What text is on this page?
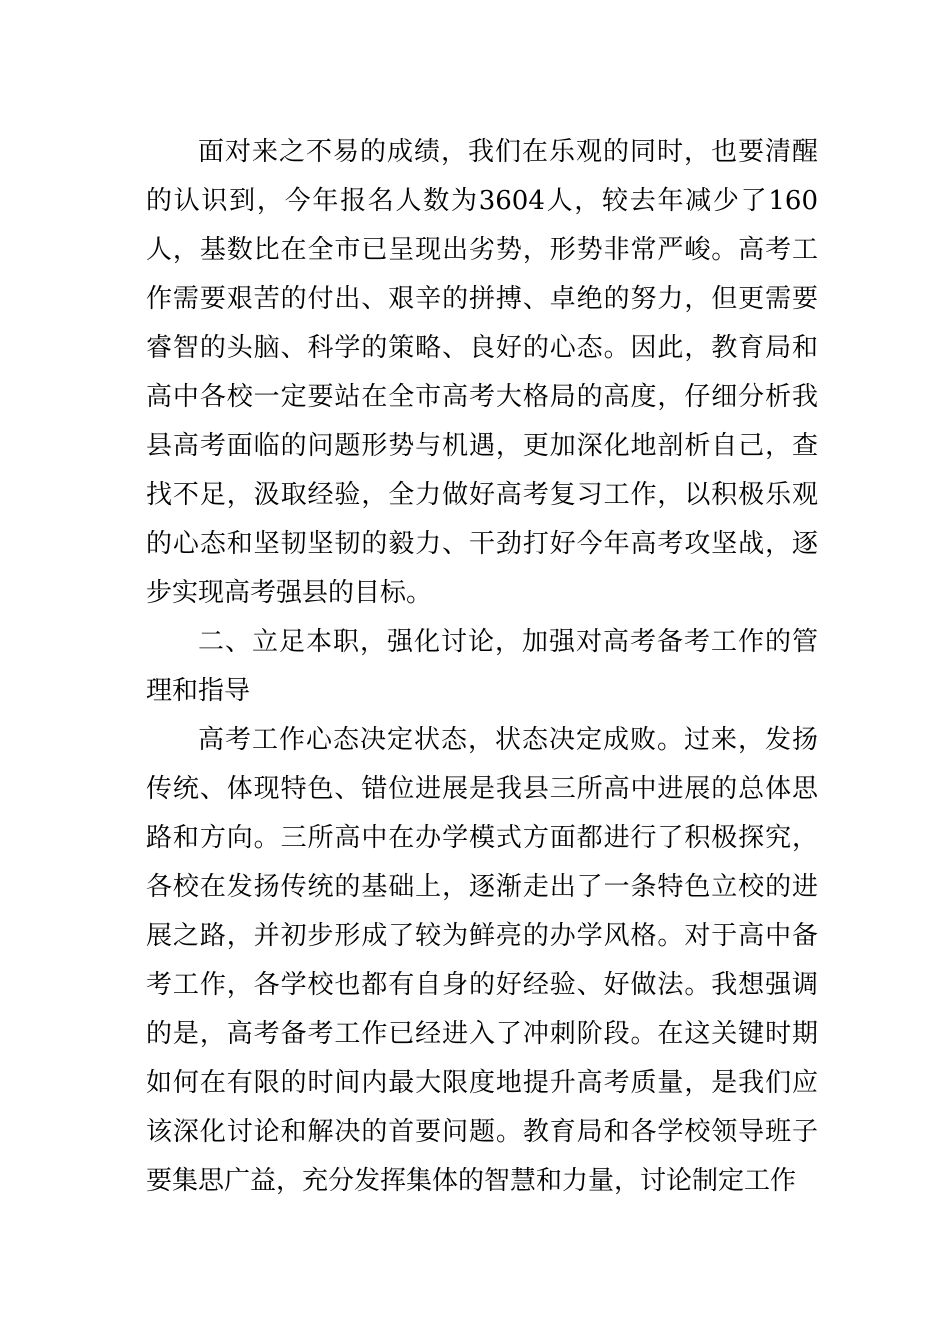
面对来之不易的成绩，我们在乐观的同时，也要清醒的认识到，今年报名人数为3604人，较去年减少了160人，基数比在全市已呈现出劣势，形势非常严峻。高考工作需要艰苦的付出、艰辛的拼搏、卓绝的努力，但更需要睿智的头脑、科学的策略、良好的心态。因此，教育局和高中各校一定要站在全市高考大格局的高度，仔细分析我县高考面临的问题形势与机遇，更加深化地剖析自己，查找不足，汲取经验，全力做好高考复习工作，以积极乐观的心态和坚韧坚韧的毅力、干劲打好今年高考攻坚战，逐步实现高考强县的目标。

二、立足本职，强化讨论，加强对高考备考工作的管理和指导

高考工作心态决定状态，状态决定成败。过来，发扬传统、体现特色、错位进展是我县三所高中进展的总体思路和方向。三所高中在办学模式方面都进行了积极探究，各校在发扬传统的基础上，逐渐走出了一条特色立校的进展之路，并初步形成了较为鲜亮的办学风格。对于高中备考工作，各学校也都有自身的好经验、好做法。我想强调的是，高考备考工作已经进入了冲刺阶段。在这关键时期如何在有限的时间内最大限度地提升高考质量，是我们应该深化讨论和解决的首要问题。教育局和各学校领导班子要集思广益，充分发挥集体的智慧和力量，讨论制定工作
